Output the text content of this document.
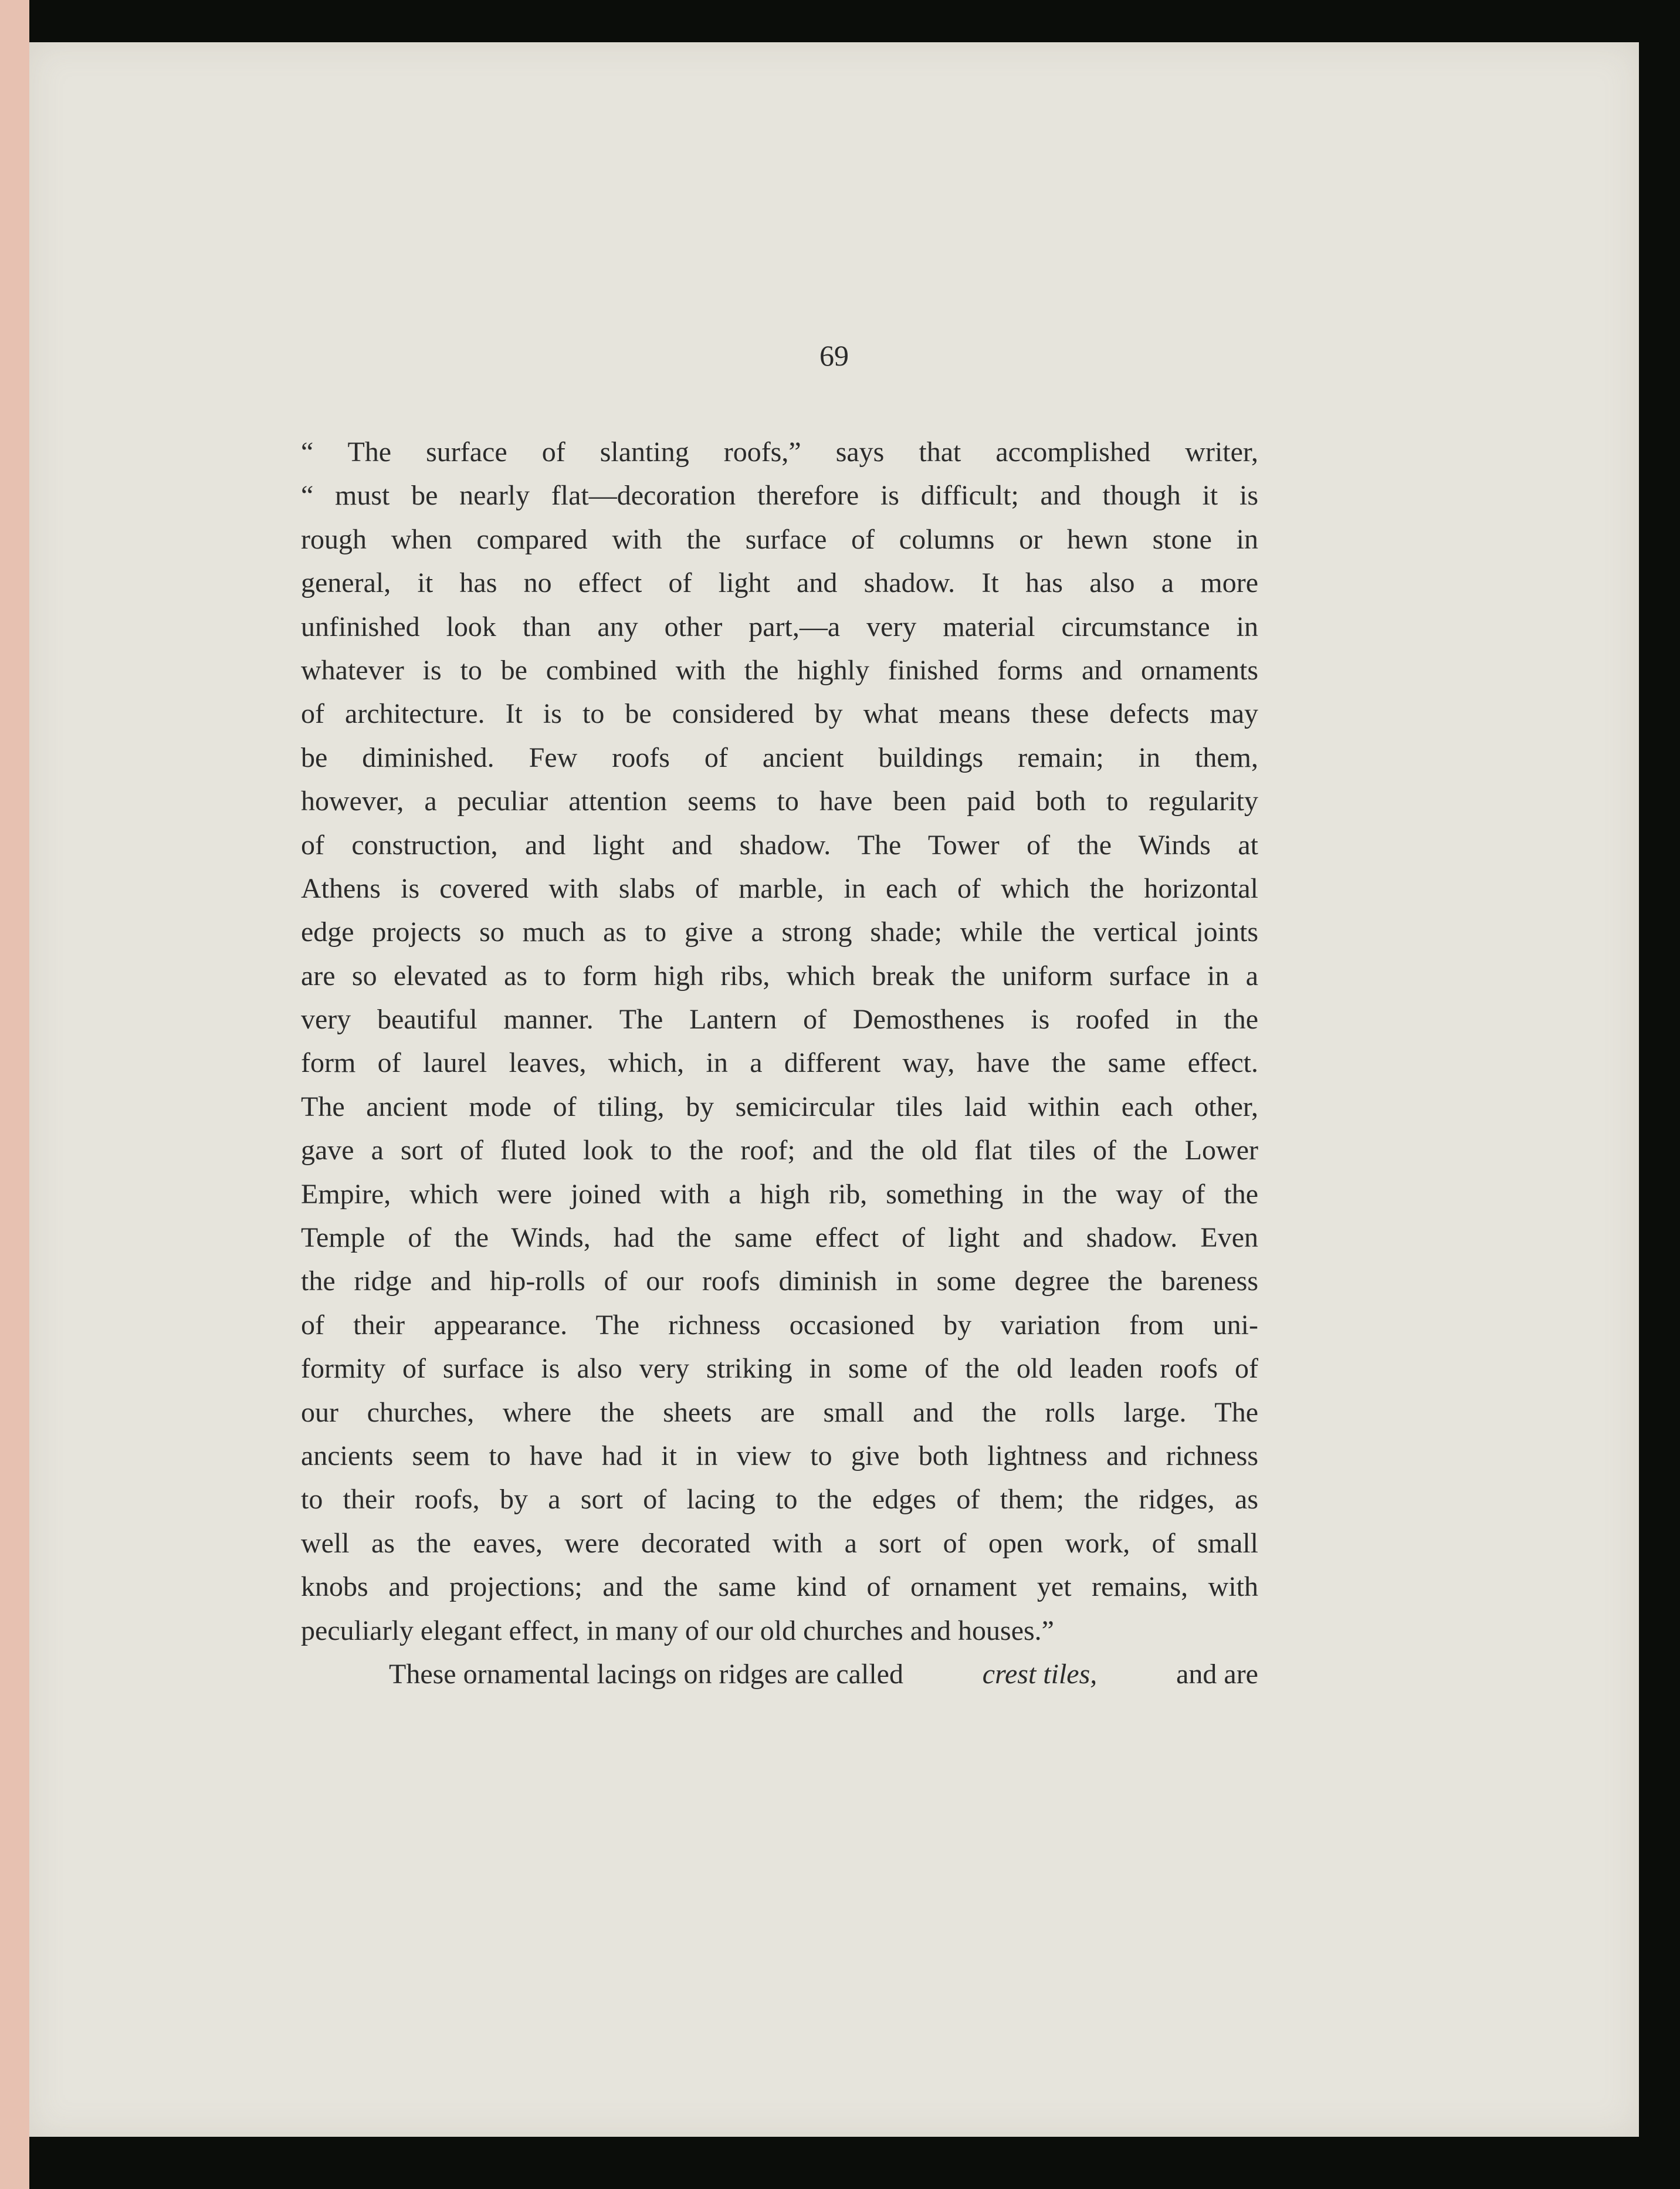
69

“ The surface of slanting roofs,” says that accomplished writer,
“ must be nearly flat—decoration therefore is difficult; and though it is
rough when compared with the surface of columns or hewn stone in
general, it has no effect of light and shadow. It has also a more
unfinished look than any other part,—a very material circumstance in
whatever is to be combined with the highly finished forms and ornaments
of architecture. It is to be considered by what means these defects may
be diminished. Few roofs of ancient buildings remain; in them,
however, a peculiar attention seems to have been paid both to regularity
of construction, and light and shadow. The Tower of the Winds at
Athens is covered with slabs of marble, in each of which the horizontal
edge projects so much as to give a strong shade; while the vertical joints
are so elevated as to form high ribs, which break the uniform surface in a
very beautiful manner. The Lantern of Demosthenes is roofed in the
form of laurel leaves, which, in a different way, have the same effect.
The ancient mode of tiling, by semicircular tiles laid within each other,
gave a sort of fluted look to the roof; and the old flat tiles of the Lower
Empire, which were joined with a high rib, something in the way of the
Temple of the Winds, had the same effect of light and shadow. Even
the ridge and hip-rolls of our roofs diminish in some degree the bareness
of their appearance. The richness occasioned by variation from uni-
formity of surface is also very striking in some of the old leaden roofs of
our churches, where the sheets are small and the rolls large. The
ancients seem to have had it in view to give both lightness and richness
to their roofs, by a sort of lacing to the edges of them; the ridges, as
well as the eaves, were decorated with a sort of open work, of small
knobs and projections; and the same kind of ornament yet remains, with
peculiarly elegant effect, in many of our old churches and houses.”
These ornamental lacings on ridges are called	crest tiles,	and are
